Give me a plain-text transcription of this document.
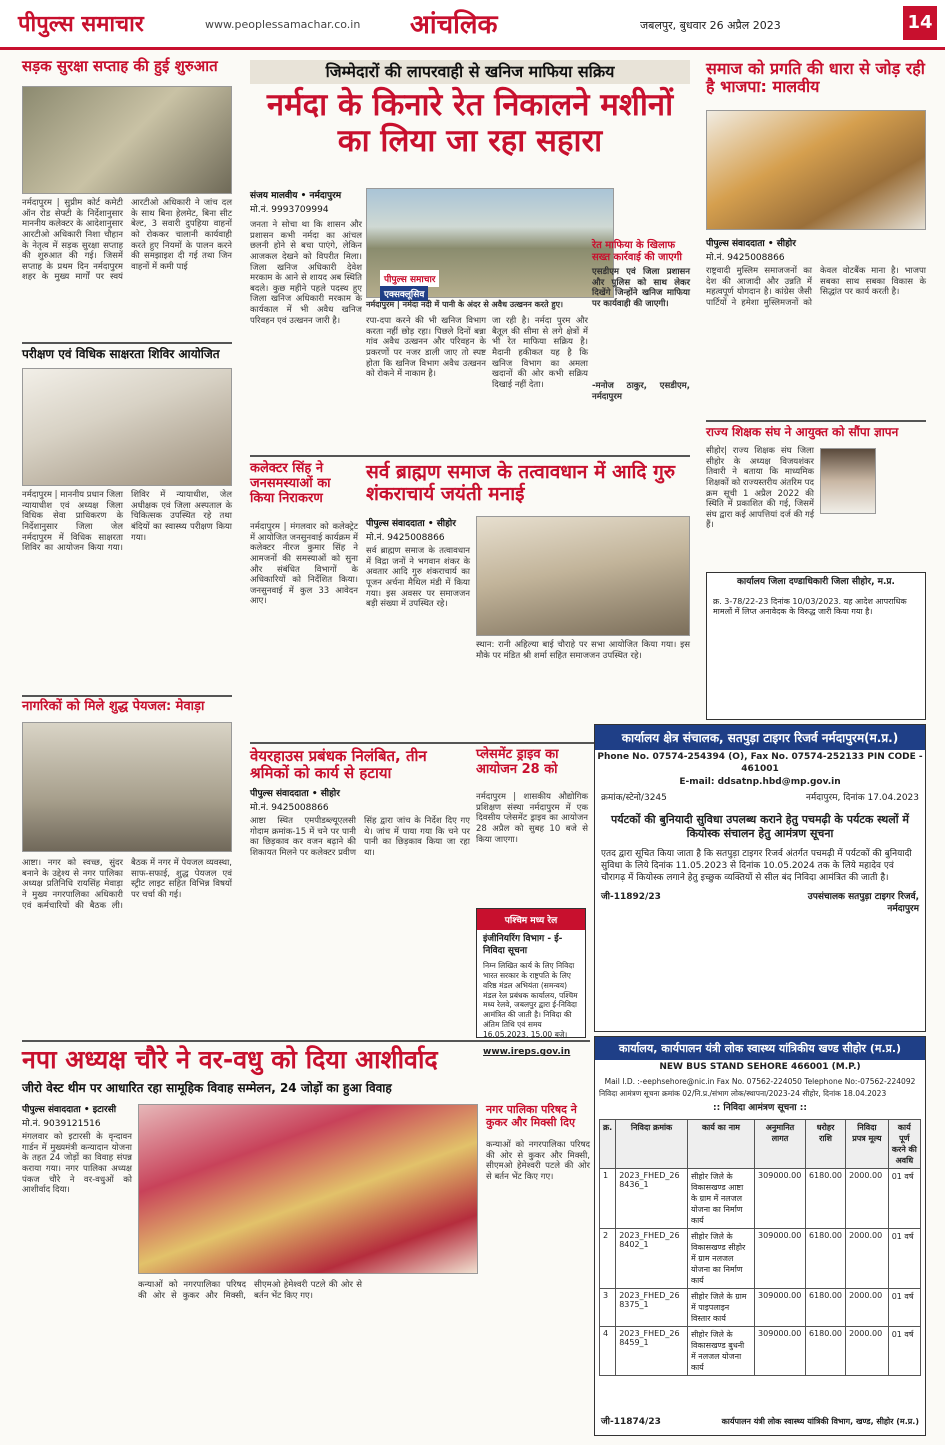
पीपुल्स समाचार	www.peoplessamachar.co.in आंचलिक	जबलपुर, बुधवार 26 अप्रैल 2023	14
सड़क सुरक्षा सप्ताह की हुई शुरुआत
नर्मदापुरम | सुप्रीम कोर्ट कमेटी ऑन रोड सेफ्टी के निर्देशानुसार माननीय कलेक्टर के आदेशानुसार आरटीओ अधिकारी निशा चौहान के नेतृत्व में सड़क सुरक्षा सप्ताह की शुरुआत की गई। जिसमें सप्ताह के प्रथम दिन नर्मदापुरम शहर के मुख्य मार्गों पर स्वयं आरटीओ अधिकारी ने जांच दल के साथ बिना हेलमेट, बिना सीट बेल्ट, 3 सवारी दुपहिया वाहनों को रोककर चालानी कार्यवाही करते हुए नियमों के पालन करने की समझाइश दी गई तथा जिन वाहनों में कमी पाई
परीक्षण एवं विधिक साक्षरता शिविर आयोजित
नर्मदापुरम | माननीय प्रधान जिला न्यायाधीश एवं अध्यक्ष जिला विधिक सेवा प्राधिकरण के निर्देशानुसार जिला जेल नर्मदापुरम में विधिक साक्षरता शिविर का आयोजन किया गया। शिविर में न्यायाधीश, जेल अधीक्षक एवं जिला अस्पताल के चिकित्सक उपस्थित रहे तथा बंदियों का स्वास्थ्य परीक्षण किया गया।
नागरिकों को मिले शुद्ध पेयजल: मेवाड़ा
आष्टा। नगर को स्वच्छ, सुंदर बनाने के उद्देश्य से नगर पालिका अध्यक्ष प्रतिनिधि रायसिंह मेवाड़ा ने मुख्य नगरपालिका अधिकारी एवं कर्मचारियों की बैठक ली। बैठक में नगर में पेयजल व्यवस्था, साफ-सफाई, शुद्ध पेयजल एवं स्ट्रीट लाइट सहित विभिन्न विषयों पर चर्चा की गई।
जिम्मेदारों की लापरवाही से खनिज माफिया सक्रिय
नर्मदा के किनारे रेत निकालने मशीनों का लिया जा रहा सहारा
संजय मालवीय • नर्मदापुरम
मो.नं. 9993709994
जनता ने सोचा था कि शासन और प्रशासन कभी नर्मदा का आंचल छलनी होने से बचा पाएंगे, लेकिन आजकल देखने को विपरीत मिला। जिला खनिज अधिकारी देवेश मरकाम के आने से शायद अब स्थिति बदले। कुछ महीने पहले पदस्थ हुए जिला खनिज अधिकारी मरकाम के कार्यकाल में भी अवैध खनिज परिवहन एवं उत्खनन जारी है।
पीपुल्स समाचार
एक्सक्लूसिव
नर्मदापुरम | नर्मदा नदी में पानी के अंदर से अवैध उत्खनन करते हुए।
रपा-दपा करने की भी खनिज विभाग करता नहीं छोड़ रहा। पिछले दिनों बन्ना गांव अवैध उत्खनन और परिवहन के प्रकरणों पर नजर डाली जाए तो स्पष्ट होता कि खनिज विभाग अवैध उत्खनन को रोकने में नाकाम है।
जा रही है। नर्मदा पुरम और बैतूल की सीमा से लगे क्षेत्रों में भी रेत माफिया सक्रिय है। मैदानी हकीकत यह है कि खनिज विभाग का अमला खदानों की ओर कभी सक्रिय दिखाई नहीं देता।
रेत माफिया के खिलाफ सख्त कार्रवाई की जाएगी
एसडीएम एवं जिला प्रशासन और पुलिस को साथ लेकर दिखेंगे जिन्होंने खनिज माफिया पर कार्यवाही की जाएगी।
-मनोज ठाकुर, एसडीएम, नर्मदापुरम
कलेक्टर सिंह ने जनसमस्याओं का किया निराकरण
नर्मदापुरम | मंगलवार को कलेक्ट्रेट में आयोजित जनसुनवाई कार्यक्रम में कलेक्टर नीरज कुमार सिंह ने आमजनों की समस्याओं को सुना और संबंधित विभागों के अधिकारियों को निर्देशित किया। जनसुनवाई में कुल 33 आवेदन आए।
सर्व ब्राह्मण समाज के तत्वावधान में आदि गुरु शंकराचार्य जयंती मनाई
पीपुल्स संवाददाता • सीहोर
मो.नं. 9425008866
सर्व ब्राह्मण समाज के तत्वावधान में विद्रा जनों ने भगवान शंकर के अवतार आदि गुरु शंकराचार्य का पूजन अर्चना मैथिल मंडी में किया गया। इस अवसर पर समाजजन बड़ी संख्या में उपस्थित रहे।
स्थान: रानी अहिल्या बाई चौराहे पर सभा आयोजित किया गया। इस मौके पर मंडित श्री शर्मा सहित समाजजन उपस्थित रहे।
वेयरहाउस प्रबंधक निलंबित, तीन श्रमिकों को कार्य से हटाया
पीपुल्स संवाददाता • सीहोर
मो.नं. 9425008866
आष्टा स्थित एमपीडब्ल्यूएलसी गोदाम क्रमांक-15 में चने पर पानी का छिड़काव कर वजन बढ़ाने की शिकायत मिलने पर कलेक्टर प्रवीण सिंह द्वारा जांच के निर्देश दिए गए थे। जांच में पाया गया कि चने पर पानी का छिड़काव किया जा रहा था।
प्लेसमेंट ड्राइव का आयोजन 28 को
नर्मदापुरम | शासकीय औद्योगिक प्रशिक्षण संस्था नर्मदापुरम में एक दिवसीय प्लेसमेंट ड्राइव का आयोजन 28 अप्रैल को सुबह 10 बजे से किया जाएगा।
पश्चिम मध्य रेल
इंजीनियरिंग विभाग - ई-निविदा सूचना
निम्न लिखित कार्य के लिए निविदा भारत सरकार के राष्ट्रपति के लिए वरिष्ठ मंडल अभियंता (समन्वय) मंडल रेल प्रबंधक कार्यालय, पश्चिम मध्य रेलवे, जबलपुर द्वारा ई-निविदा आमंत्रित की जाती है। निविदा की अंतिम तिथि एवं समय 16.05.2023, 15.00 बजे।
www.ireps.gov.in
समाज को प्रगति की धारा से जोड़ रही है भाजपा: मालवीय
पीपुल्स संवाददाता • सीहोर
मो.नं. 9425008866
राष्ट्रवादी मुस्लिम समाजजनों का देश की आजादी और उन्नति में महत्वपूर्ण योगदान है। कांग्रेस जैसी पार्टियों ने हमेशा मुस्लिमजनों को केवल वोटबैंक माना है। भाजपा सबका साथ सबका विकास के सिद्धांत पर कार्य करती है।
राज्य शिक्षक संघ ने आयुक्त को सौंपा ज्ञापन
सीहोर| राज्य शिक्षक संघ जिला सीहोर के अध्यक्ष विजयशंकर तिवारी ने बताया कि माध्यमिक शिक्षकों को राज्यस्तरीय अंतरिम पद क्रम सूची 1 अप्रैल 2022 की स्थिति में प्रकाशित की गई, जिसमें संघ द्वारा कई आपत्तियां दर्ज की गई हैं।
कार्यालय जिला दण्डाधिकारी जिला सीहोर, म.प्र.
क्र. 3-78/22-23 दिनांक 10/03/2023. यह आदेश आपराधिक मामलों में लिप्त अनावेदक के विरुद्ध जारी किया गया है।
कार्यालय क्षेत्र संचालक, सतपुड़ा टाइगर रिजर्व नर्मदापुरम(म.प्र.)
Phone No. 07574-254394 (O), Fax No. 07574-252133 PIN CODE - 461001
E-mail: ddsatnp.hbd@mp.gov.in
क्रमांक/स्टेनो/3245	नर्मदापुरम, दिनांक 17.04.2023
पर्यटकों की बुनियादी सुविधा उपलब्ध कराने हेतु पचमढ़ी के पर्यटक स्थलों में कियोस्क संचालन हेतु आमंत्रण सूचना
एतद द्वारा सूचित किया जाता है कि सतपुड़ा टाइगर रिजर्व अंतर्गत पचमढ़ी में पर्यटकों की बुनियादी सुविधा के लिये दिनांक 11.05.2023 से दिनांक 10.05.2024 तक के लिये महादेव एवं चौरागढ़ में कियोस्क लगाने हेतु इच्छुक व्यक्तियों से सील बंद निविदा आमंत्रित की जाती है।
जी-11892/23	उपसंचालक सतपुड़ा टाइगर रिजर्व, नर्मदापुरम
नपा अध्यक्ष चौरे ने वर-वधु को दिया आशीर्वाद
जीरो वेस्ट थीम पर आधारित रहा सामूहिक विवाह सम्मेलन, 24 जोड़ों का हुआ विवाह
पीपुल्स संवाददाता • इटारसी
मो.नं. 9039121516
मंगलवार को इटारसी के वृन्दावन गार्डन में मुख्यमंत्री कन्यादान योजना के तहत 24 जोड़ों का विवाह संपन्न कराया गया। नगर पालिका अध्यक्ष पंकज चौरे ने वर-वधुओं को आशीर्वाद दिया।
कन्याओं को नगरपालिका परिषद की ओर से कुकर और मिक्सी, सीएमओ हेमेश्वरी पटले की ओर से बर्तन भेंट किए गए।
नगर पालिका परिषद ने कुकर और मिक्सी दिए
कन्याओं को नगरपालिका परिषद की ओर से कुकर और मिक्सी, सीएमओ हेमेश्वरी पटले की ओर से बर्तन भेंट किए गए।
कार्यालय, कार्यपालन यंत्री लोक स्वास्थ्य यांत्रिकीय खण्ड सीहोर (म.प्र.)
NEW BUS STAND SEHORE 466001 (M.P.)
Mail I.D. :-eephsehore@nic.in Fax No. 07562-224050 Telephone No:-07562-224092
निविदा आमंत्रण सूचना क्रमांक 02/नि.प्र./संभाग लोक/स्थापना/2023-24 सीहोर, दिनांक 18.04.2023
:: निविदा आमंत्रण सूचना ::
क्र.	निविदा क्रमांक	कार्य का नाम	अनुमानित लागत	धरोहर राशि	निविदा प्रपत्र मूल्य	कार्य पूर्ण करने की अवधि
1	2023_FHED_26 8436_1	सीहोर जिले के विकासखण्ड आष्टा के ग्राम में नलजल योजना का निर्माण कार्य	309000.00	6180.00	2000.00	01 वर्ष
2	2023_FHED_26 8402_1	सीहोर जिले के विकासखण्ड सीहोर में ग्राम नलजल योजना का निर्माण कार्य	309000.00	6180.00	2000.00	01 वर्ष
3	2023_FHED_26 8375_1	सीहोर जिले के ग्राम में पाइपलाइन विस्तार कार्य	309000.00	6180.00	2000.00	01 वर्ष
4	2023_FHED_26 8459_1	सीहोर जिले के विकासखण्ड बुधनी में नलजल योजना कार्य	309000.00	6180.00	2000.00	01 वर्ष
जी-11874/23	कार्यपालन यंत्री लोक स्वास्थ्य यांत्रिकी विभाग, खण्ड, सीहोर (म.प्र.)
